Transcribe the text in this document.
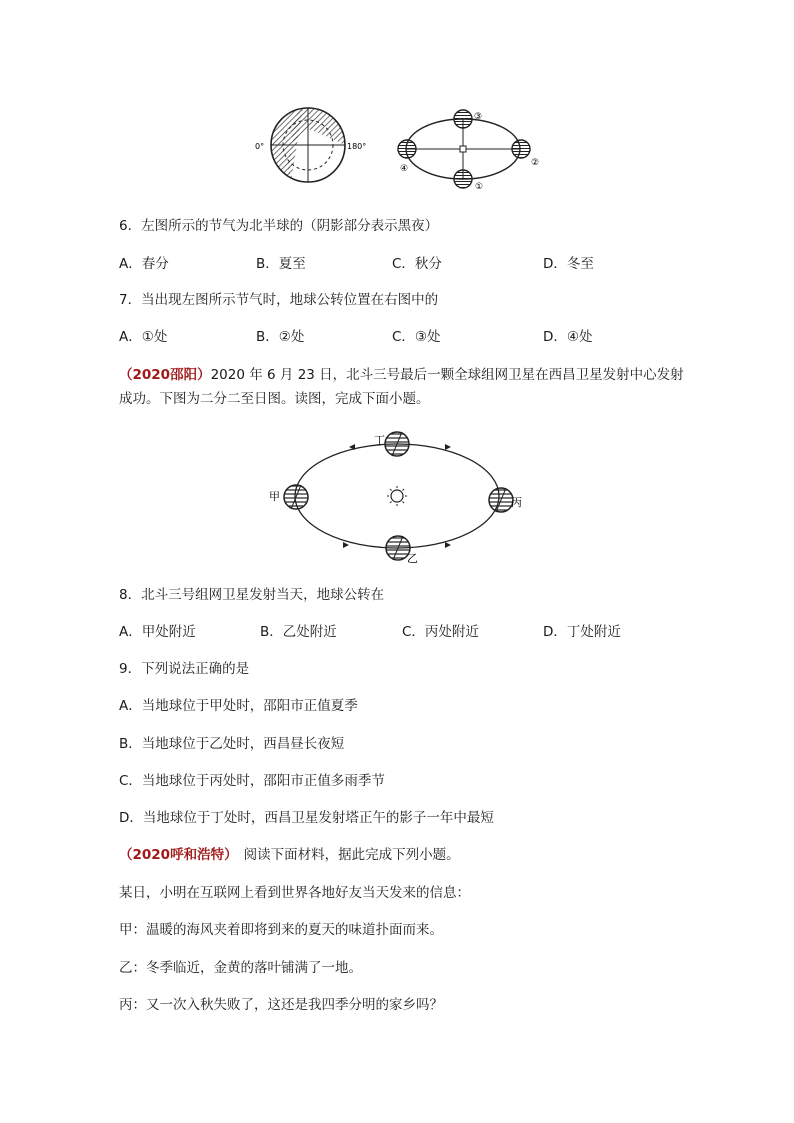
0°	180°
③
②
①
④
6．左图所示的节气为北半球的（阴影部分表示黑夜）
A．春分	B．夏至	C．秋分	D．冬至
7．当出现左图所示节气时，地球公转位置在右图中的
A．①处	B．②处	C．③处	D．④处
（2020邵阳）2020 年 6 月 23 日，北斗三号最后一颗全球组网卫星在西昌卫星发射中心发射
成功。下图为二分二至日图。读图，完成下面小题。
丁
甲	丙
乙
8．北斗三号组网卫星发射当天，地球公转在
A．甲处附近	B．乙处附近	C．丙处附近	D．丁处附近
9．下列说法正确的是
A．当地球位于甲处时，邵阳市正值夏季
B．当地球位于乙处时，西昌昼长夜短
C．当地球位于丙处时，邵阳市正值多雨季节
D．当地球位于丁处时，西昌卫星发射塔正午的影子一年中最短
（2020呼和浩特） 阅读下面材料，据此完成下列小题。
某日，小明在互联网上看到世界各地好友当天发来的信息：
甲：温暖的海风夹着即将到来的夏天的味道扑面而来。
乙：冬季临近，金黄的落叶铺满了一地。
丙：又一次入秋失败了，这还是我四季分明的家乡吗？
